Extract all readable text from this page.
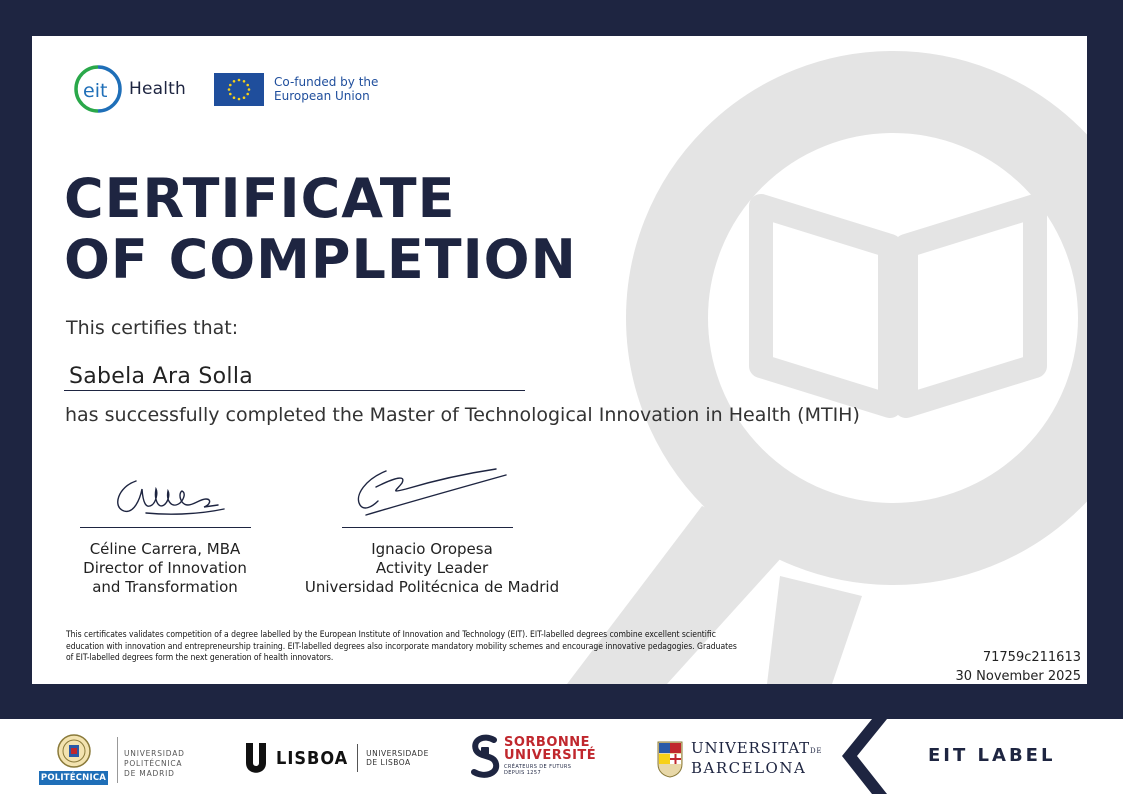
eit Health	Co-funded by the
European Union
CERTIFICATE
OF COMPLETION
This certifies that:
Sabela Ara Solla
has successfully completed the Master of Technological Innovation in Health (MTIH)
Céline Carrera, MBA
Director of Innovation
and Transformation
Ignacio Oropesa
Activity Leader
Universidad Politécnica de Madrid
This certificates validates competition of a degree labelled by the European Institute of Innovation and Technology (EIT). EIT-labelled degrees combine excellent scientific education with innovation and entrepreneurship training. EIT-labelled degrees also incorporate mandatory mobility schemes and encourage innovative pedagogies. Graduates of EIT-labelled degrees form the next generation of health innovators.	71759c211613
30 November 2025
POLITÉCNICA
UNIVERSIDAD
POLITÉCNICA
DE MADRID
LISBOA UNIVERSIDADE
DE LISBOA
SORBONNE
UNIVERSITÉ
CRÉATEURS DE FUTURS
DEPUIS 1257
UNIVERSITATDE
BARCELONA
EIT LABEL
